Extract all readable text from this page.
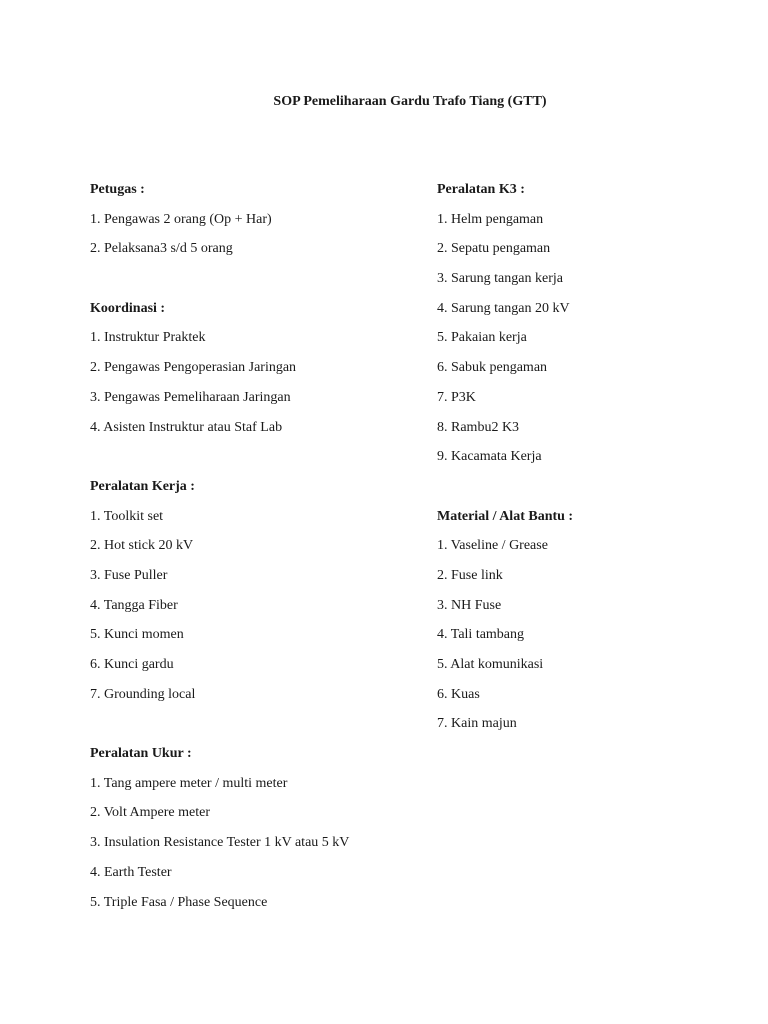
SOP Pemeliharaan Gardu Trafo Tiang (GTT)
Petugas :
1. Pengawas 2 orang (Op + Har)
2. Pelaksana3 s/d 5 orang
Koordinasi :
1. Instruktur Praktek
2. Pengawas Pengoperasian Jaringan
3. Pengawas Pemeliharaan Jaringan
4. Asisten Instruktur atau Staf Lab
Peralatan Kerja :
1. Toolkit set
2. Hot stick 20 kV
3. Fuse Puller
4. Tangga Fiber
5. Kunci momen
6. Kunci gardu
7. Grounding local
Peralatan Ukur :
1. Tang ampere meter / multi meter
2. Volt Ampere meter
3. Insulation Resistance Tester 1 kV atau 5 kV
4. Earth Tester
5. Triple Fasa / Phase Sequence
Peralatan K3 :
1. Helm pengaman
2. Sepatu pengaman
3. Sarung tangan kerja
4. Sarung tangan 20 kV
5. Pakaian kerja
6. Sabuk pengaman
7. P3K
8. Rambu2 K3
9. Kacamata Kerja
Material / Alat Bantu :
1. Vaseline / Grease
2. Fuse link
3. NH Fuse
4. Tali tambang
5. Alat komunikasi
6. Kuas
7. Kain majun
